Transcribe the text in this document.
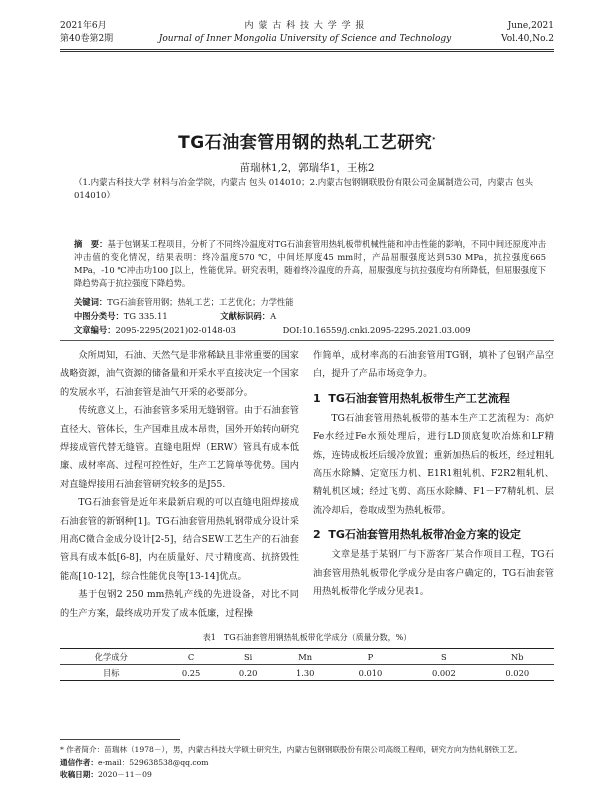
2021年6月
第40卷第2期
内 蒙 古 科 技 大 学 学 报
Journal of Inner Mongolia University of Science and Technology
June,2021
Vol.40,No.2
TG石油套管用钢的热轧工艺研究*
苗瑞林1,2，郭瑞华1，王栋2
（1.内蒙古科技大学 材料与冶金学院，内蒙古 包头 014010；2.内蒙古包钢钢联股份有限公司金属制造公司，内蒙古 包头 014010）
摘　要：基于包钢某工程项目，分析了不同终冷温度对TG石油套管用热轧板带机械性能和冲击性能的影响，不同中间还原度冲击冲击值的变化情况，结果表明：终冷温度570 ℃，中间坯厚度45 mm时，产品屈服强度达到530 MPa，抗拉强度665 MPa，-10 ℃冲击功100 J以上，性能优异。研究表明，随着终冷温度的升高，屈服强度与抗拉强度均有所降低，但屈服强度下降趋势高于抗拉强度下降趋势。
关键词：TG石油套管用钢；热轧工艺；工艺优化；力学性能
中图分类号：TG 335.11	文献标识码：A
文章编号：2095-2295(2021)02-0148-03	DOI:10.16559/j.cnki.2095-2295.2021.03.009

众所周知，石油、天然气是非常稀缺且非常重要的国家战略资源，油气资源的储备量和开采水平直接决定一个国家的发展水平，石油套管是油气开采的必要部分。

传统意义上，石油套管多采用无缝钢管。由于石油套管直径大、管体长，生产国难且成本昂贵，国外开始转向研究焊接成管代替无缝管。直缝电阻焊（ERW）管具有成本低廉、成材率高、过程可控性好，生产工艺简单等优势。国内对直缝焊接用石油套管研究较多的是J55.

TG石油套管是近年来最新启观的可以直缝电阻焊接成石油套管的新钢种[1]。TG石油套管用热轧钢带成分设计采用高C微合金成分设计[2-5]，结合SEW工艺生产的石油套管具有成本低[6-8]，内在质量好、尺寸精度高、抗挤毁性能高[10-12]，综合性能优良等[13-14]优点。

基于包钢2 250 mm热轧产线的先进设备，对比不同的生产方案，最终成功开发了成本低廉，过程操

作简单，成材率高的石油套管用TG钢，填补了包钢产品空白，提升了产品市场竞争力。
1 TG石油套管用热轧板带生产工艺流程

TG石油套管用热轧板带的基本生产工艺流程为：高炉Fe水经过Fe水预处理后，进行LD顶底复吹冶炼和LF精炼，连铸成板坯后缓冷放置；重新加热后的板坯，经过粗轧高压水除鳞、定宽压力机、E1R1粗轧机、F2R2粗轧机、精轧机区域；经过飞剪、高压水除鳞、F1－F7精轧机、层流冷却后，卷取成型为热轧板带。

2 TG石油套管用热轧板带冶金方案的设定

文章是基于某钢厂与下游客厂某合作项目工程，TG石油套管用热轧板带化学成分是由客户确定的，TG石油套管用热轧板带化学成分见表1。

表1　TG石油套管用钢热轧板带化学成分（质量分数，%）
化学成分	C	Si	Mn	P	S	Nb
目标	0.25	0.20	1.30	0.010	0.002	0.020
* 作者简介：苗瑞林（1978－），男，内蒙古科技大学硕士研究生，内蒙古包钢钢联股份有限公司高级工程师，研究方向为热轧钢铁工艺。
通信作者：e-mail：529638538@qq.com
收稿日期：2020－11－09
